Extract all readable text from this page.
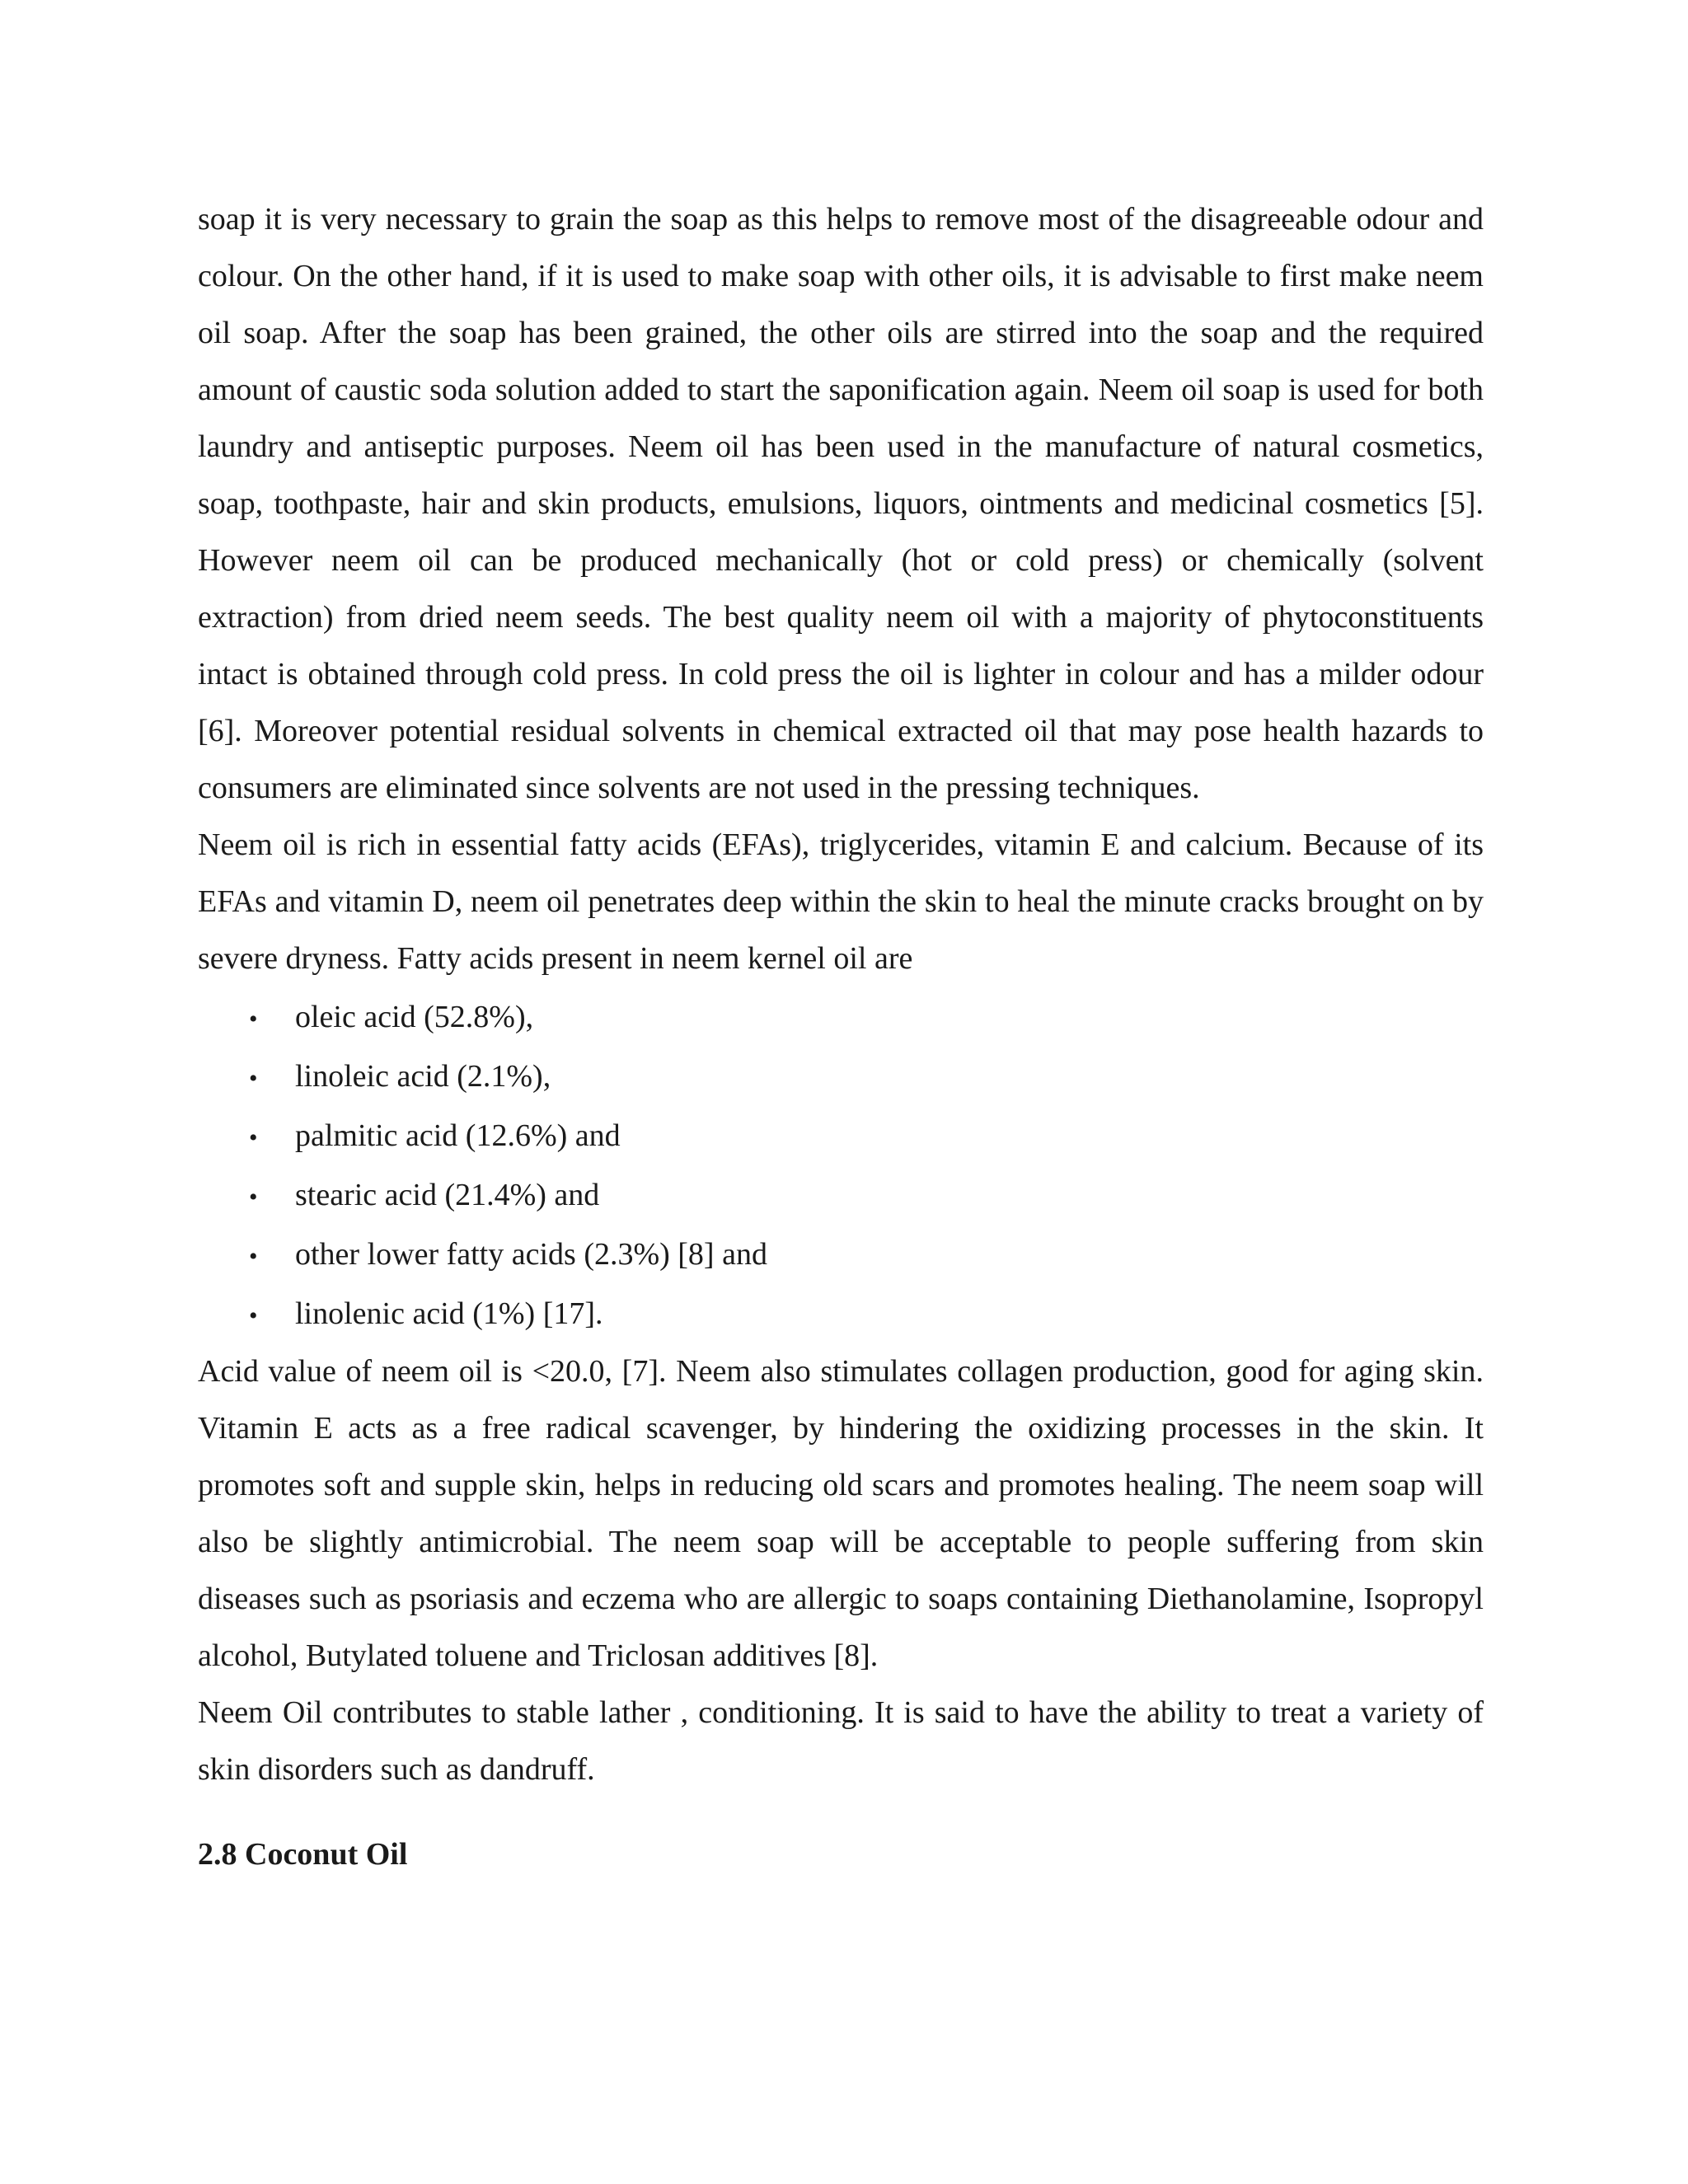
soap it is very necessary to grain the soap as this helps to remove most of the disagreeable odour and colour. On the other hand, if it is used to make soap with other oils, it is advisable to first make neem oil soap. After the soap has been grained, the other oils are stirred into the soap and the required amount of caustic soda solution added to start the saponification again. Neem oil soap is used for both laundry and antiseptic purposes. Neem oil has been used in the manufacture of natural cosmetics, soap, toothpaste, hair and skin products, emulsions, liquors, ointments and medicinal cosmetics [5]. However neem oil can be produced mechanically (hot or cold press) or chemically (solvent extraction) from dried neem seeds. The best quality neem oil with a majority of phytoconstituents intact is obtained through cold press. In cold press the oil is lighter in colour and has a milder odour [6]. Moreover potential residual solvents in chemical extracted oil that may pose health hazards to consumers are eliminated since solvents are not used in the pressing techniques.

Neem oil is rich in essential fatty acids (EFAs), triglycerides, vitamin E and calcium. Because of its EFAs and vitamin D, neem oil penetrates deep within the skin to heal the minute cracks brought on by severe dryness. Fatty acids present in neem kernel oil are

•	oleic acid (52.8%),
•	linoleic acid (2.1%),
•	palmitic acid (12.6%) and
•	stearic acid (21.4%) and
•	other lower fatty acids (2.3%) [8] and
•	linolenic acid (1%) [17].

Acid value of neem oil is <20.0, [7]. Neem also stimulates collagen production, good for aging skin. Vitamin E acts as a free radical scavenger, by hindering the oxidizing processes in the skin. It promotes soft and supple skin, helps in reducing old scars and promotes healing. The neem soap will also be slightly antimicrobial. The neem soap will be acceptable to people suffering from skin diseases such as psoriasis and eczema who are allergic to soaps containing Diethanolamine, Isopropyl alcohol, Butylated toluene and Triclosan additives [8].

Neem Oil contributes to stable lather , conditioning. It is said to have the ability to treat a variety of skin disorders such as dandruff.

2.8 Coconut Oil
